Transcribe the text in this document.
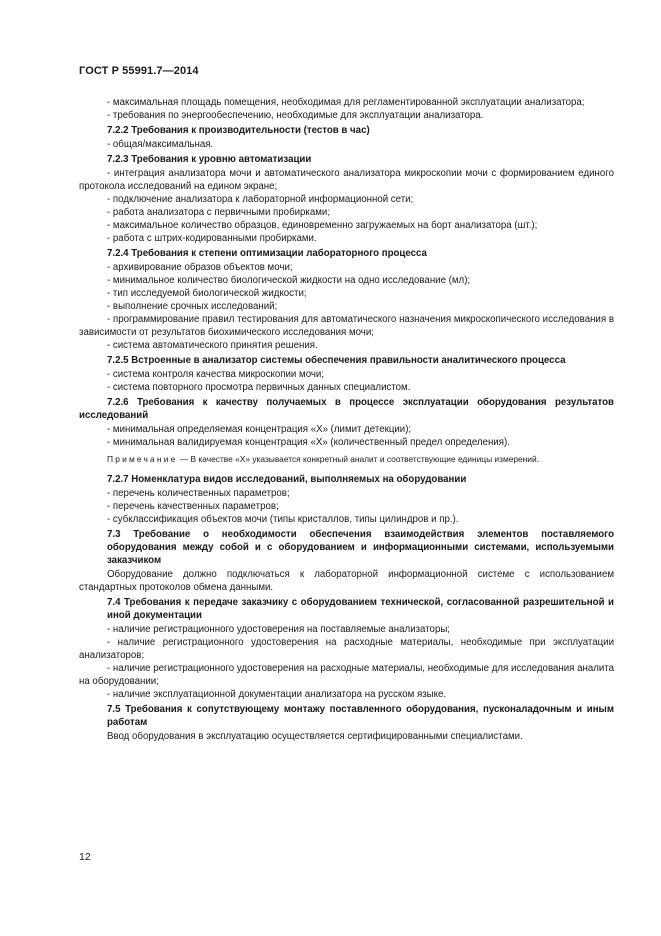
ГОСТ Р 55991.7—2014

- максимальная площадь помещения, необходимая для регламентированной эксплуатации анализатора;

- требования по энергообеспечению, необходимые для эксплуатации анализатора.

7.2.2 Требования к производительности (тестов в час)

- общая/максимальная.

7.2.3 Требования к уровню автоматизации

- интеграция анализатора мочи и автоматического анализатора микроскопии мочи с формированием единого протокола исследований на едином экране;

- подключение анализатора к лабораторной информационной сети;

- работа анализатора с первичными пробирками;

- максимальное количество образцов, единовременно загружаемых на борт анализатора (шт.);

- работа с штрих-кодированными пробирками.

7.2.4 Требования к степени оптимизации лабораторного процесса

- архивирование образов объектов мочи;

- минимальное количество биологической жидкости на одно исследование (мл);

- тип исследуемой биологической жидкости;

- выполнение срочных исследований;

- программирование правил тестирования для автоматического назначения микроскопического исследования в зависимости от результатов биохимического исследования мочи;

- система автоматического принятия решения.

7.2.5 Встроенные в анализатор системы обеспечения правильности аналитического процесса

- система контроля качества микроскопии мочи;

- система повторного просмотра первичных данных специалистом.

7.2.6 Требования к качеству получаемых в процессе эксплуатации оборудования результатов исследований

- минимальная определяемая концентрация «Х» (лимит детекции);

- минимальная валидируемая концентрация «Х» (количественный предел определения).

Примечание — В качестве «Х» указывается конкретный аналит и соответствующие единицы измерений.

7.2.7 Номенклатура видов исследований, выполняемых на оборудовании

- перечень количественных параметров;

- перечень качественных параметров;

- субклассификация объектов мочи (типы кристаллов, типы цилиндров и пр.).

7.3 Требование о необходимости обеспечения взаимодействия элементов поставляемого оборудования между собой и с оборудованием и информационными системами, используемыми заказчиком

Оборудование должно подключаться к лабораторной информационной системе с использованием стандартных протоколов обмена данными.

7.4 Требования к передаче заказчику с оборудованием технической, согласованной разрешительной и иной документации

- наличие регистрационного удостоверения на поставляемые анализаторы;

- наличие регистрационного удостоверения на расходные материалы, необходимые при эксплуатации анализаторов;

- наличие регистрационного удостоверения на расходные материалы, необходимые для исследования аналита на оборудовании;

- наличие эксплуатационной документации анализатора на русском языке.

7.5 Требования к сопутствующему монтажу поставленного оборудования, пусконаладочным и иным работам

Ввод оборудования в эксплуатацию осуществляется сертифицированными специалистами.

12
